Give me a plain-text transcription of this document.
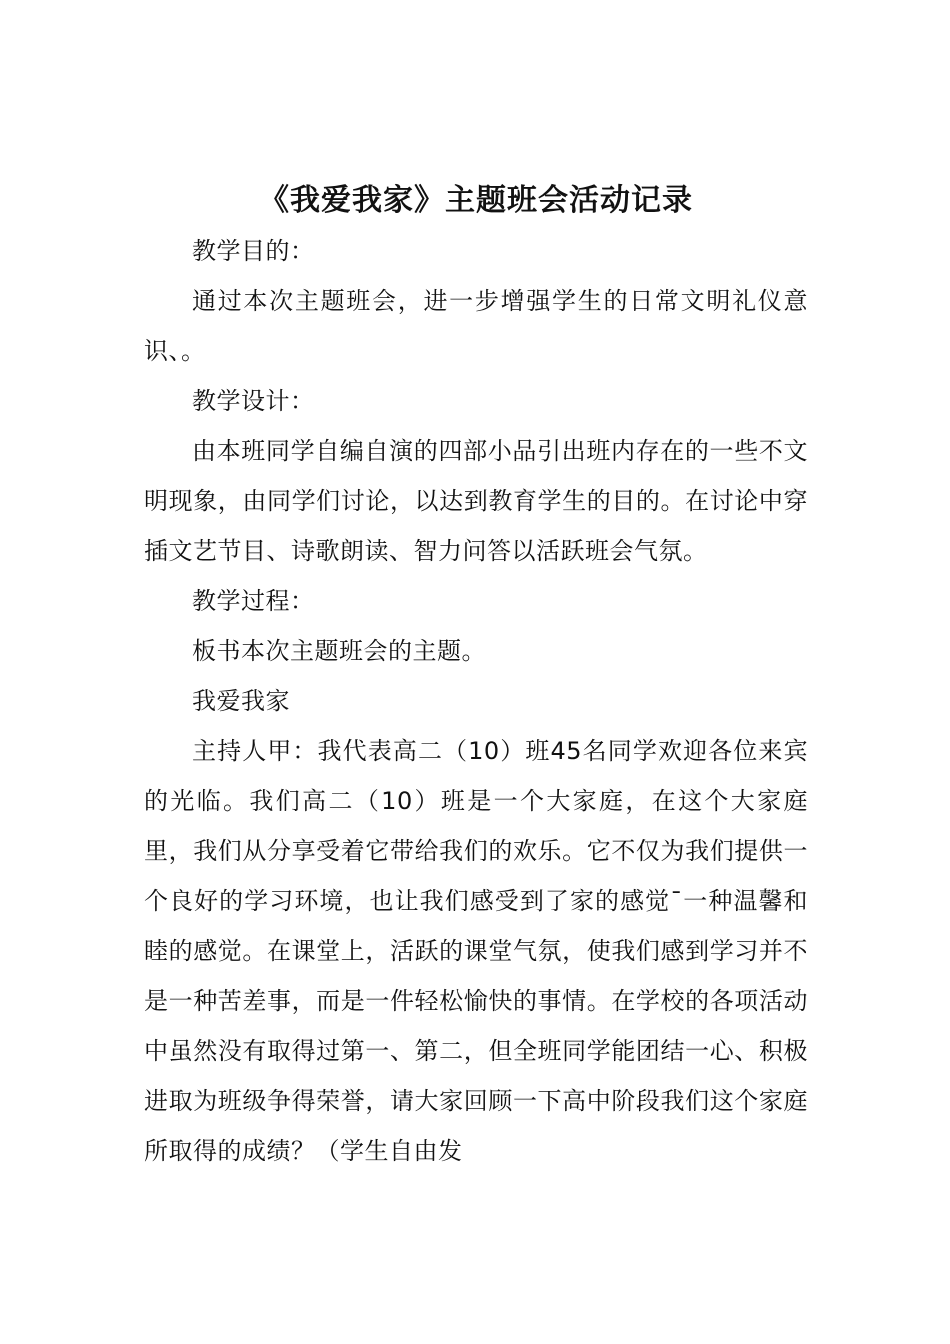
《我爱我家》主题班会活动记录

教学目的：

通过本次主题班会，进一步增强学生的日常文明礼仪意识、。

教学设计：

由本班同学自编自演的四部小品引出班内存在的一些不文明现象，由同学们讨论，以达到教育学生的目的。在讨论中穿插文艺节目、诗歌朗读、智力问答以活跃班会气氛。

教学过程：

板书本次主题班会的主题。

我爱我家

主持人甲：我代表高二（10）班45名同学欢迎各位来宾的光临。我们高二（10）班是一个大家庭，在这个大家庭里，我们从分享受着它带给我们的欢乐。它不仅为我们提供一个良好的学习环境，也让我们感受到了家的感觉¯一种温馨和睦的感觉。在课堂上，活跃的课堂气氛，使我们感到学习并不是一种苦差事，而是一件轻松愉快的事情。在学校的各项活动中虽然没有取得过第一、第二，但全班同学能团结一心、积极进取为班级争得荣誉，请大家回顾一下高中阶段我们这个家庭所取得的成绩？（学生自由发
